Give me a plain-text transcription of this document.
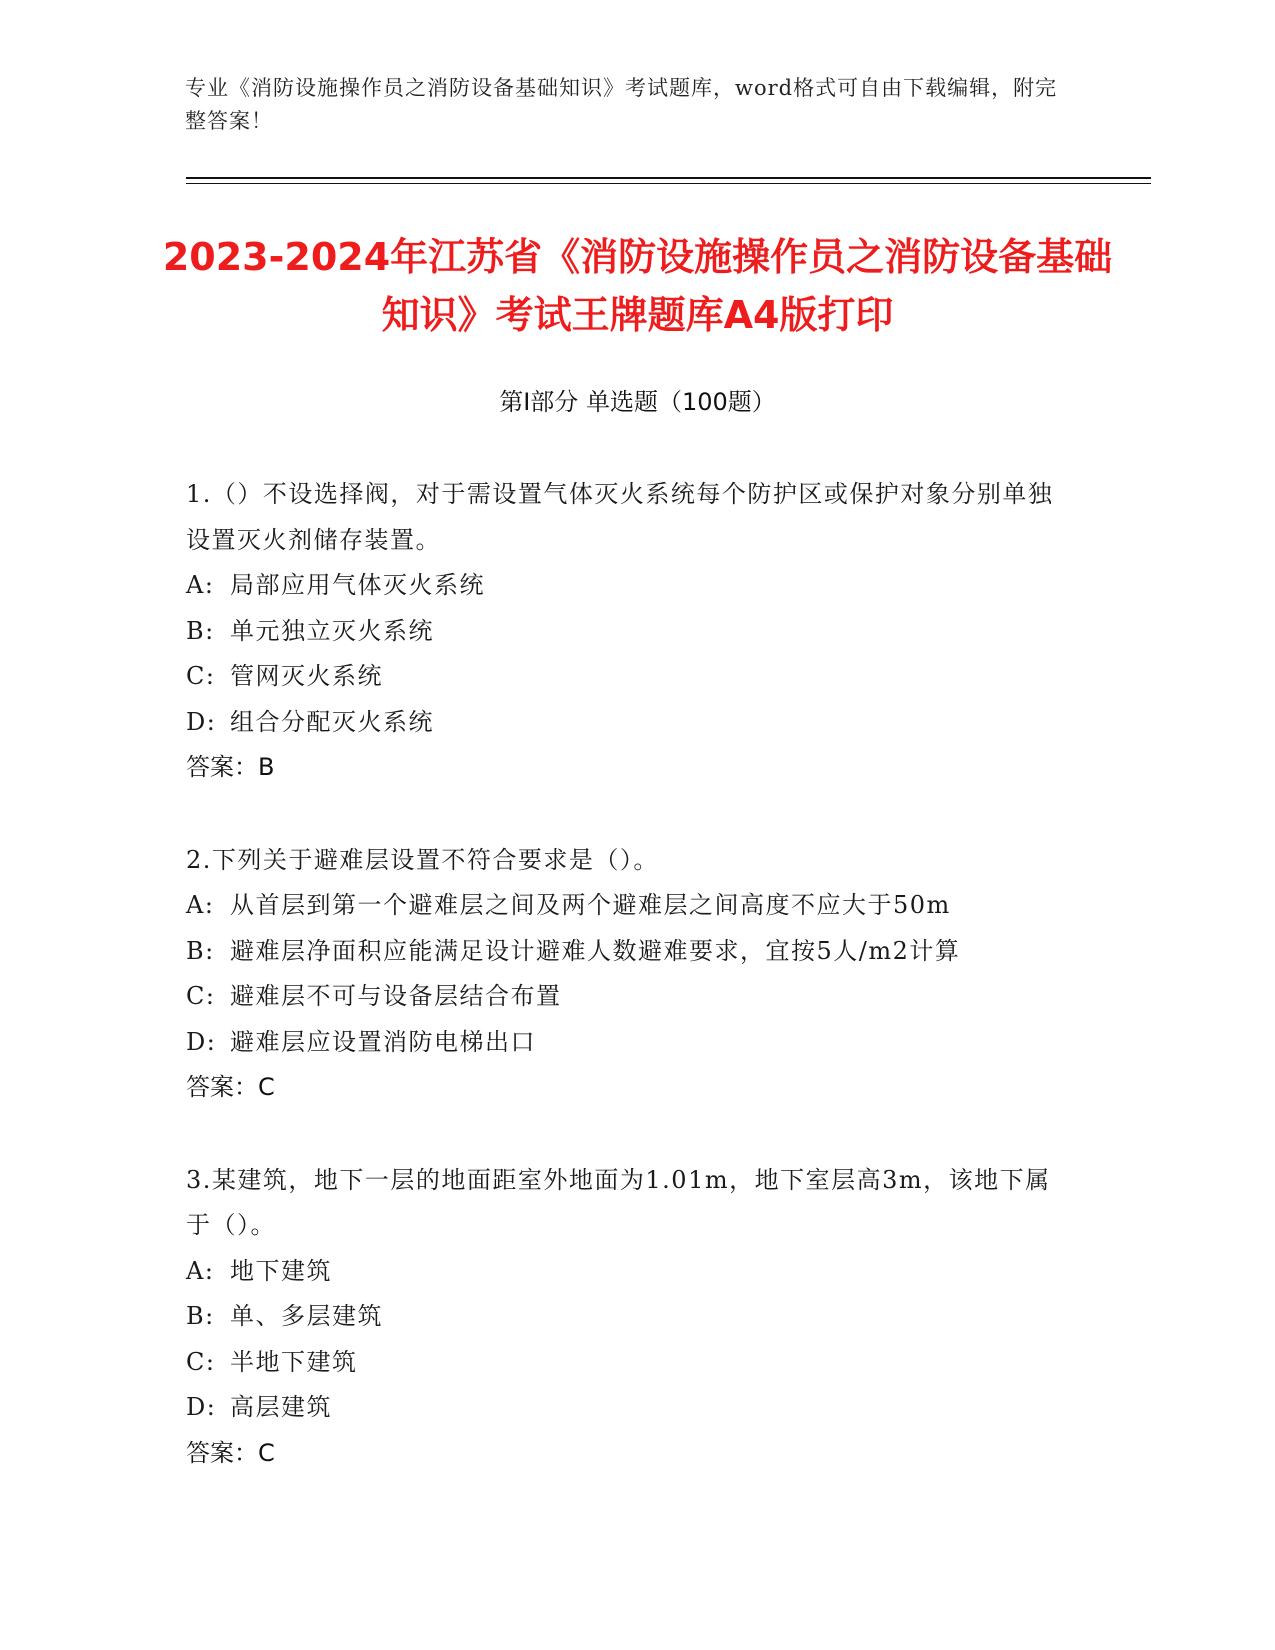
专业《消防设施操作员之消防设备基础知识》考试题库，word格式可自由下载编辑，附完整答案！
2023-2024年江苏省《消防设施操作员之消防设备基础知识》考试王牌题库A4版打印
第Ⅰ部分 单选题（100题）
1.（）不设选择阀，对于需设置气体灭火系统每个防护区或保护对象分别单独设置灭火剂储存装置。
A: 局部应用气体灭火系统
B: 单元独立灭火系统
C: 管网灭火系统
D: 组合分配灭火系统
答案：B
2.下列关于避难层设置不符合要求是（）。
A: 从首层到第一个避难层之间及两个避难层之间高度不应大于50m
B: 避难层净面积应能满足设计避难人数避难要求，宜按5人/m2计算
C: 避难层不可与设备层结合布置
D: 避难层应设置消防电梯出口
答案：C
3.某建筑，地下一层的地面距室外地面为1.01m，地下室层高3m，该地下属于（）。
A: 地下建筑
B: 单、多层建筑
C: 半地下建筑
D: 高层建筑
答案：C
